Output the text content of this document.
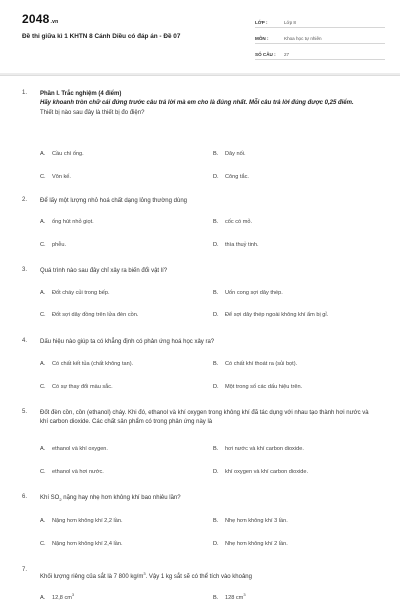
2048.vn
Đề thi giữa kì 1 KHTN 8 Cánh Diều có đáp án - Đề 07
LỚP :	Lớp 8
MÔN :	Khoa học tự nhiên
SỐ CÂU :	27
1. Phần I. Trắc nghiệm (4 điểm)
Hãy khoanh tròn chữ cái đứng trước câu trả lời mà em cho là đúng nhất. Mỗi câu trả lời đúng được 0,25 điểm.
Thiết bị nào sau đây là thiết bị đo điện?
A. Cầu chì ống.	B. Dây nối.
C. Vôn kế.	D. Công tắc.
2. Để lấy một lượng nhỏ hoá chất dạng lỏng thường dùng
A. ống hút nhỏ giọt.	B. cốc có mỏ.
C. phễu.	D. thìa thuỷ tinh.
3. Quá trình nào sau đây chỉ xảy ra biến đổi vật lí?
A. Đốt cháy củi trong bếp.	B. Uốn cong sợi dây thép.
C. Đốt sợi dây đồng trên lửa đèn cồn.	D. Để sợi dây thép ngoài không khí ẩm bị gỉ.
4. Dấu hiệu nào giúp ta có khẳng định có phản ứng hoá học xảy ra?
A. Có chất kết tủa (chất không tan).	B. Có chất khí thoát ra (sủi bọt).
C. Có sự thay đổi màu sắc.	D. Một trong số các dấu hiệu trên.
5. Đốt đèn cồn, cồn (ethanol) cháy. Khi đó, ethanol và khí oxygen trong không khí đã tác dụng với nhau tạo thành hơi nước và khí carbon dioxide. Các chất sản phẩm có trong phản ứng này là
A. ethanol và khí oxygen.	B. hơi nước và khí carbon dioxide.
C. ethanol và hơi nước.	D. khí oxygen và khí carbon dioxide.
6. Khí $SO_2$ nặng hay nhẹ hơn không khí bao nhiêu lần?
A. Nặng hơn không khí 2,2 lần.	B. Nhẹ hơn không khí 3 lần.
C. Nặng hơn không khí 2,4 lần.	D. Nhẹ hơn không khí 2 lần.
7.
Khối lượng riêng của sắt là 7 800 $kg/m^3$. Vậy 1 kg sắt sẽ có thể tích vào khoảng
A. 12,8 $cm^3$
B. 128 $cm^3$
